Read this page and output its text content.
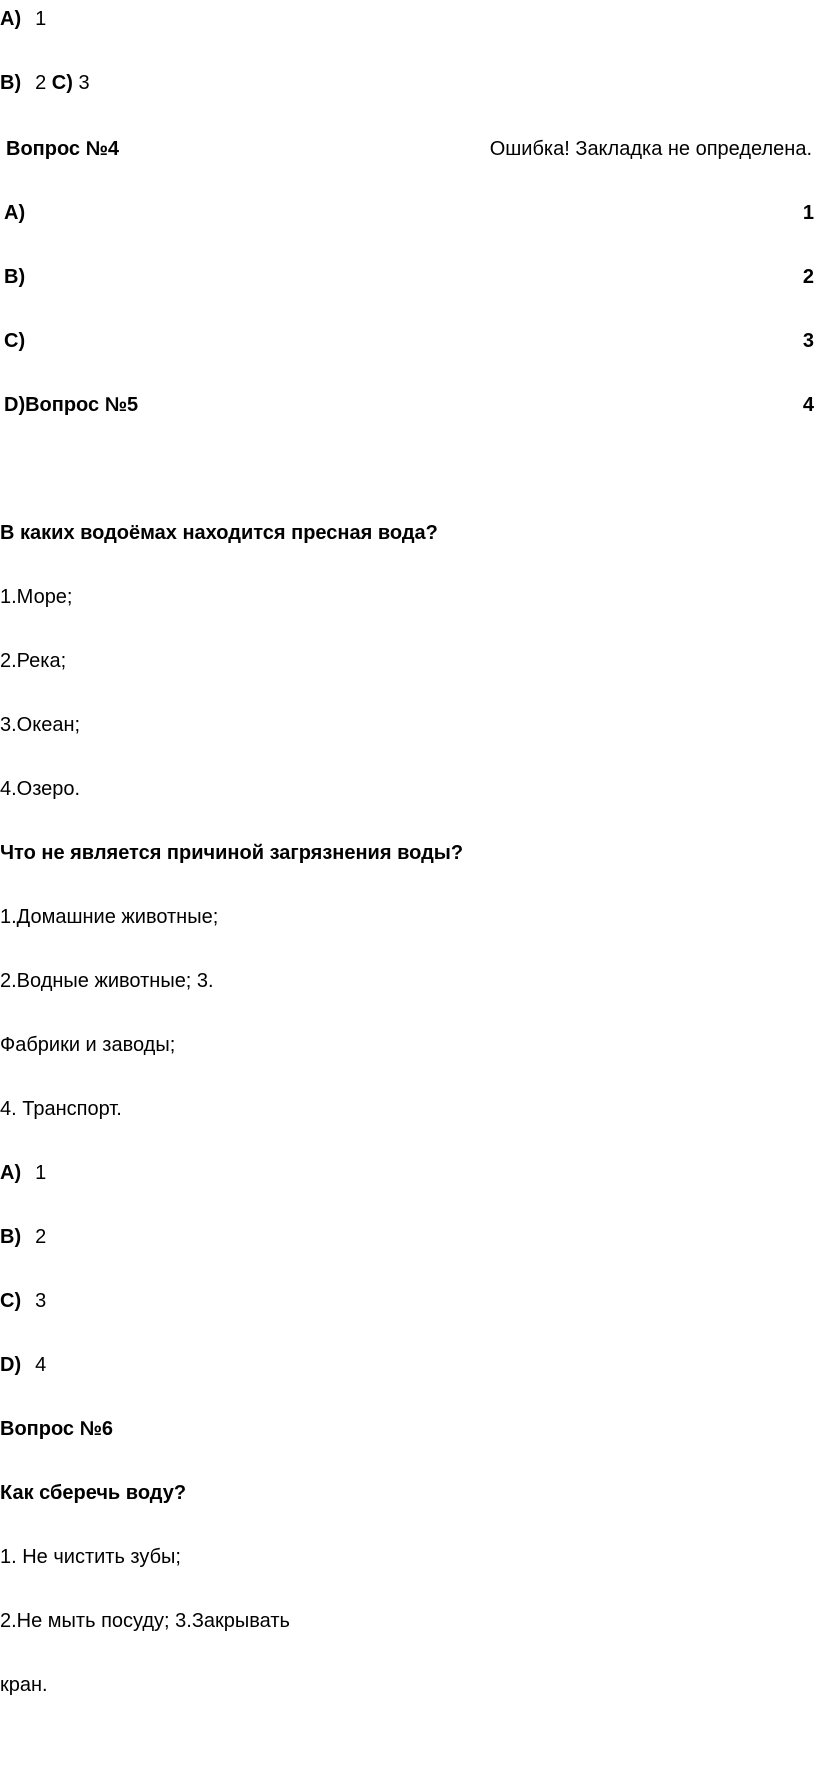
A) 1
B) 2 C) 3
Вопрос №4	Ошибка! Закладка не определена.
A)	1
B)	2
C)	3
D)Вопрос №5	4
В каких водоёмах находится пресная вода?
1.Море;
2.Река;
3.Океан;
4.Озеро.
Что не является причиной загрязнения воды?
1.Домашние животные;
2.Водные животные; 3.
Фабрики и заводы;
4. Транспорт.
A) 1
B) 2
C) 3
D) 4
Вопрос №6
Как сберечь воду?
1. Не чистить зубы;
2.Не мыть посуду; 3.Закрывать
кран.
